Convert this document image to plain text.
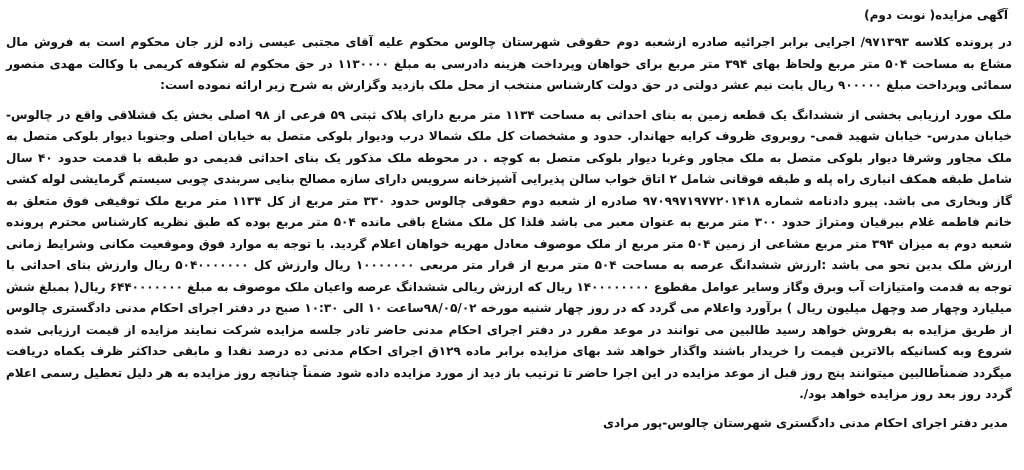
آگهی مزایده( نوبت دوم)

در پرونده کلاسه ۹۷۱۳۹۳/ اجرایی برابر اجرائیه صادره ازشعبه دوم حقوقی شهرستان چالوس محکوم علیه آقای مجتبی عیسی زاده لزر جان محکوم است به فروش مال مشاع به مساحت ۵۰۴ متر مربع ولحاظ بهای ۳۹۴ متر مربع برای خواهان وپرداخت هزینه دادرسی به مبلغ ۱۱۳۰۰۰۰ در حق محکوم له شکوفه کریمی با وکالت مهدی منصور سمائی وپرداخت مبلغ ۹۰۰۰۰۰ ریال بابت نیم عشر دولتی در حق دولت کارشناس منتخب از محل ملک بازدید وگزارش به شرح زیر ارائه نموده است:

ملک مورد ارزیابی بخشی از ششدانگ یک قطعه زمین به بنای احداثی به مساحت ۱۱۳۴ متر مربع دارای پلاک ثبتی ۵۹ فرعی از ۹۸ اصلی بخش یک قشلاقی واقع در چالوس- خیابان مدرس- خیابان شهید قمی- روبروی ظروف کرایه جهاندار. حدود و مشخصات کل ملک شمالا درب ودیوار بلوکی متصل به خیابان اصلی وجنوبا دیوار بلوکی متصل به ملک مجاور وشرقا دیوار بلوکی متصل به ملک مجاور وغربا دیوار بلوکی متصل به کوچه . در محوطه ملک مذکور یک بنای احداثی قدیمی دو طبقه با قدمت حدود ۴۰ سال شامل طبقه همکف انباری راه پله و طبقه فوقانی شامل ۲ اتاق خواب سالن پذیرایی آشپزخانه سرویس دارای سازه مصالح بنایی سربندی چوبی سیستم گرمایشی لوله کشی گاز وبخاری می باشد. پیرو دادنامه شماره ۹۷۰۹۹۷۱۹۷۷۲۰۱۴۱۸ صادره از شعبه دوم حقوقی چالوس حدود ۳۳۰ متر مربع از کل ۱۱۳۴ متر مربع ملک توقیفی فوق متعلق به خانم فاطمه غلام بیرقیان ومتراژ حدود ۳۰۰ متر مربع به عنوان معبر می باشد فلذا کل ملک مشاع باقی مانده ۵۰۴ متر مربع بوده که طبق نظریه کارشناس محترم پرونده شعبه دوم به میزان ۳۹۴ متر مربع مشاعی از زمین ۵۰۴ متر مربع از ملک موصوف معادل مهریه خواهان اعلام گردید. با توجه به موارد فوق وموقعیت مکانی وشرایط زمانی ارزش ملک بدین نحو می باشد :ارزش ششدانگ عرصه به مساحت ۵۰۴ متر مربع از قرار متر مربعی ۱۰۰۰۰۰۰۰ ریال وارزش کل ۵۰۴۰۰۰۰۰۰۰ ریال وارزش بنای احداثی با توجه به قدمت وامتیازات آب وبرق وگاز وسایر عوامل مقطوع ۱۴۰۰۰۰۰۰۰۰ ریال که ارزش ریالی ششدانگ عرصه واعیان ملک موصوف به مبلغ ۶۴۴۰۰۰۰۰۰۰ ریال( بمبلغ شش میلیارد وچهار صد وچهل میلیون ریال ) برآورد واعلام می گردد که در روز چهار شنبه مورخه ۹۸/۰۵/۰۲ساعت ۱۰ الی ۱۰:۳۰ صبح در دفتر اجرای احکام مدنی دادگستری چالوس از طریق مزایده به بفروش خواهد رسید طالبین می توانند در موعد مقرر در دفتر اجرای احکام مدنی حاضر تادر جلسه مزایده شرکت نمایند مزایده از قیمت ارزیابی شده شروع وبه کسانیکه بالاترین قیمت را خریدار باشند واگذار خواهد شد بهای مزایده برابر ماده ۱۲۹ق اجرای احکام مدنی ده درصد نقدا و مابقی حداکثر ظرف یکماه دریافت میگردد ضمناًطالبین میتوانند پنج روز قبل از موعد مزایده در این اجرا حاضر تا ترتیب باز دید از مورد مزایده داده شود ضمناً چنانچه روز مزایده به هر دلیل تعطیل رسمی اعلام گردد روز بعد روز مزایده خواهد بود/.

مدیر دفتر اجرای احکام مدنی دادگستری شهرستان چالوس-پور مرادی
